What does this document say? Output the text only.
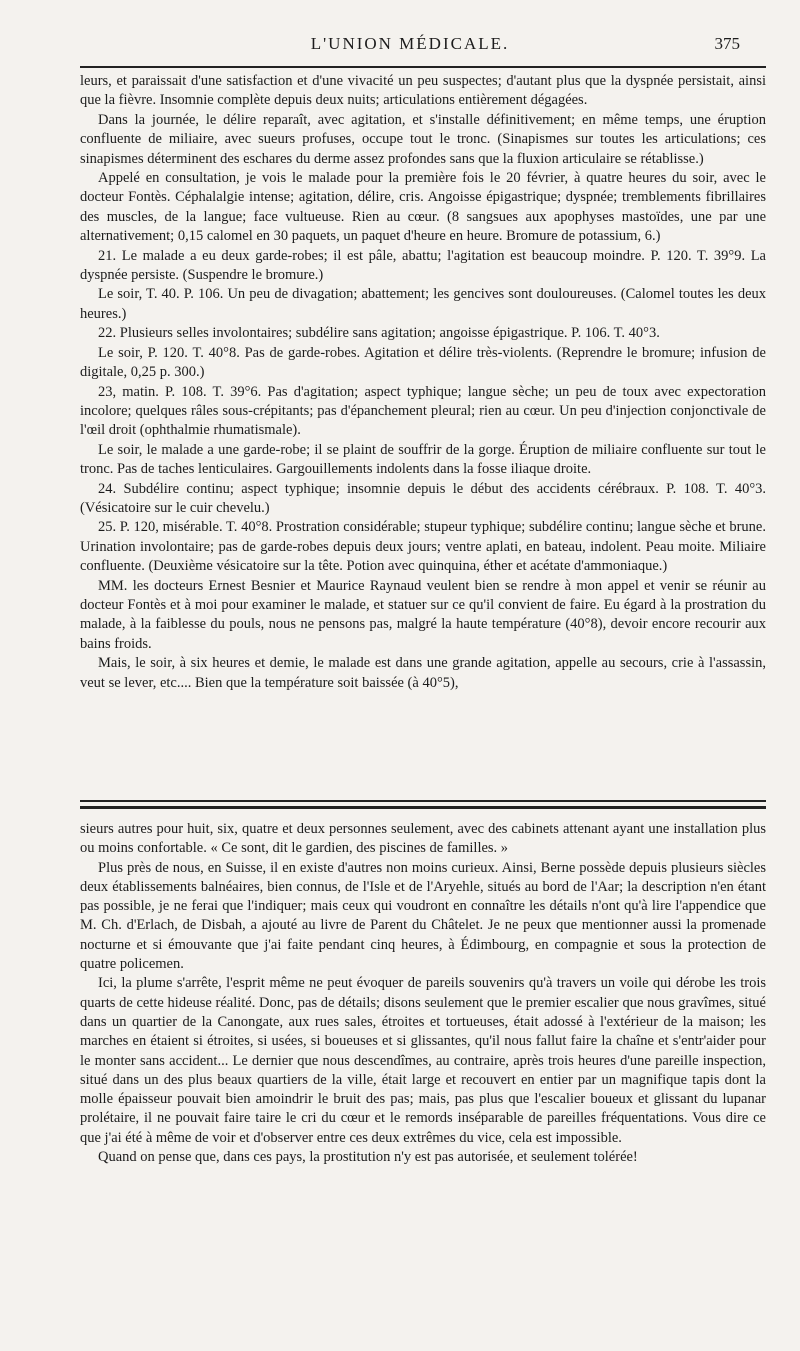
L'UNION MÉDICALE.	375

leurs, et paraissait d'une satisfaction et d'une vivacité un peu suspectes; d'autant plus que la dyspnée persistait, ainsi que la fièvre. Insomnie complète depuis deux nuits; articulations entièrement dégagées.

Dans la journée, le délire reparaît, avec agitation, et s'installe définitivement; en même temps, une éruption confluente de miliaire, avec sueurs profuses, occupe tout le tronc. (Sinapismes sur toutes les articulations; ces sinapismes déterminent des eschares du derme assez profondes sans que la fluxion articulaire se rétablisse.)

Appelé en consultation, je vois le malade pour la première fois le 20 février, à quatre heures du soir, avec le docteur Fontès. Céphalalgie intense; agitation, délire, cris. Angoisse épigastrique; dyspnée; tremblements fibrillaires des muscles, de la langue; face vultueuse. Rien au cœur. (8 sangsues aux apophyses mastoïdes, une par une alternativement; 0,15 calomel en 30 paquets, un paquet d'heure en heure. Bromure de potassium, 6.)

21. Le malade a eu deux garde-robes; il est pâle, abattu; l'agitation est beaucoup moindre. P. 120. T. 39°9. La dyspnée persiste. (Suspendre le bromure.)

Le soir, T. 40. P. 106. Un peu de divagation; abattement; les gencives sont douloureuses. (Calomel toutes les deux heures.)

22. Plusieurs selles involontaires; subdélire sans agitation; angoisse épigastrique. P. 106. T. 40°3.

Le soir, P. 120. T. 40°8. Pas de garde-robes. Agitation et délire très-violents. (Reprendre le bromure; infusion de digitale, 0,25 p. 300.)

23, matin. P. 108. T. 39°6. Pas d'agitation; aspect typhique; langue sèche; un peu de toux avec expectoration incolore; quelques râles sous-crépitants; pas d'épanchement pleural; rien au cœur. Un peu d'injection conjonctivale de l'œil droit (ophthalmie rhumatismale).

Le soir, le malade a une garde-robe; il se plaint de souffrir de la gorge. Éruption de miliaire confluente sur tout le tronc. Pas de taches lenticulaires. Gargouillements indolents dans la fosse iliaque droite.

24. Subdélire continu; aspect typhique; insomnie depuis le début des accidents cérébraux. P. 108. T. 40°3. (Vésicatoire sur le cuir chevelu.)

25. P. 120, misérable. T. 40°8. Prostration considérable; stupeur typhique; subdélire continu; langue sèche et brune. Urination involontaire; pas de garde-robes depuis deux jours; ventre aplati, en bateau, indolent. Peau moite. Miliaire confluente. (Deuxième vésicatoire sur la tête. Potion avec quinquina, éther et acétate d'ammoniaque.)

MM. les docteurs Ernest Besnier et Maurice Raynaud veulent bien se rendre à mon appel et venir se réunir au docteur Fontès et à moi pour examiner le malade, et statuer sur ce qu'il convient de faire. Eu égard à la prostration du malade, à la faiblesse du pouls, nous ne pensons pas, malgré la haute température (40°8), devoir encore recourir aux bains froids.

Mais, le soir, à six heures et demie, le malade est dans une grande agitation, appelle au secours, crie à l'assassin, veut se lever, etc.... Bien que la température soit baissée (à 40°5),

sieurs autres pour huit, six, quatre et deux personnes seulement, avec des cabinets attenant ayant une installation plus ou moins confortable. « Ce sont, dit le gardien, des piscines de familles. »

Plus près de nous, en Suisse, il en existe d'autres non moins curieux. Ainsi, Berne possède depuis plusieurs siècles deux établissements balnéaires, bien connus, de l'Isle et de l'Aryehle, situés au bord de l'Aar; la description n'en étant pas possible, je ne ferai que l'indiquer; mais ceux qui voudront en connaître les détails n'ont qu'à lire l'appendice que M. Ch. d'Erlach, de Disbah, a ajouté au livre de Parent du Châtelet. Je ne peux que mentionner aussi la promenade nocturne et si émouvante que j'ai faite pendant cinq heures, à Édimbourg, en compagnie et sous la protection de quatre policemen.

Ici, la plume s'arrête, l'esprit même ne peut évoquer de pareils souvenirs qu'à travers un voile qui dérobe les trois quarts de cette hideuse réalité. Donc, pas de détails; disons seulement que le premier escalier que nous gravîmes, situé dans un quartier de la Canongate, aux rues sales, étroites et tortueuses, était adossé à l'extérieur de la maison; les marches en étaient si étroites, si usées, si boueuses et si glissantes, qu'il nous fallut faire la chaîne et s'entr'aider pour le monter sans accident... Le dernier que nous descendîmes, au contraire, après trois heures d'une pareille inspection, situé dans un des plus beaux quartiers de la ville, était large et recouvert en entier par un magnifique tapis dont la molle épaisseur pouvait bien amoindrir le bruit des pas; mais, pas plus que l'escalier boueux et glissant du lupanar prolétaire, il ne pouvait faire taire le cri du cœur et le remords inséparable de pareilles fréquentations. Vous dire ce que j'ai été à même de voir et d'observer entre ces deux extrêmes du vice, cela est impossible.

Quand on pense que, dans ces pays, la prostitution n'y est pas autorisée, et seulement tolérée!
